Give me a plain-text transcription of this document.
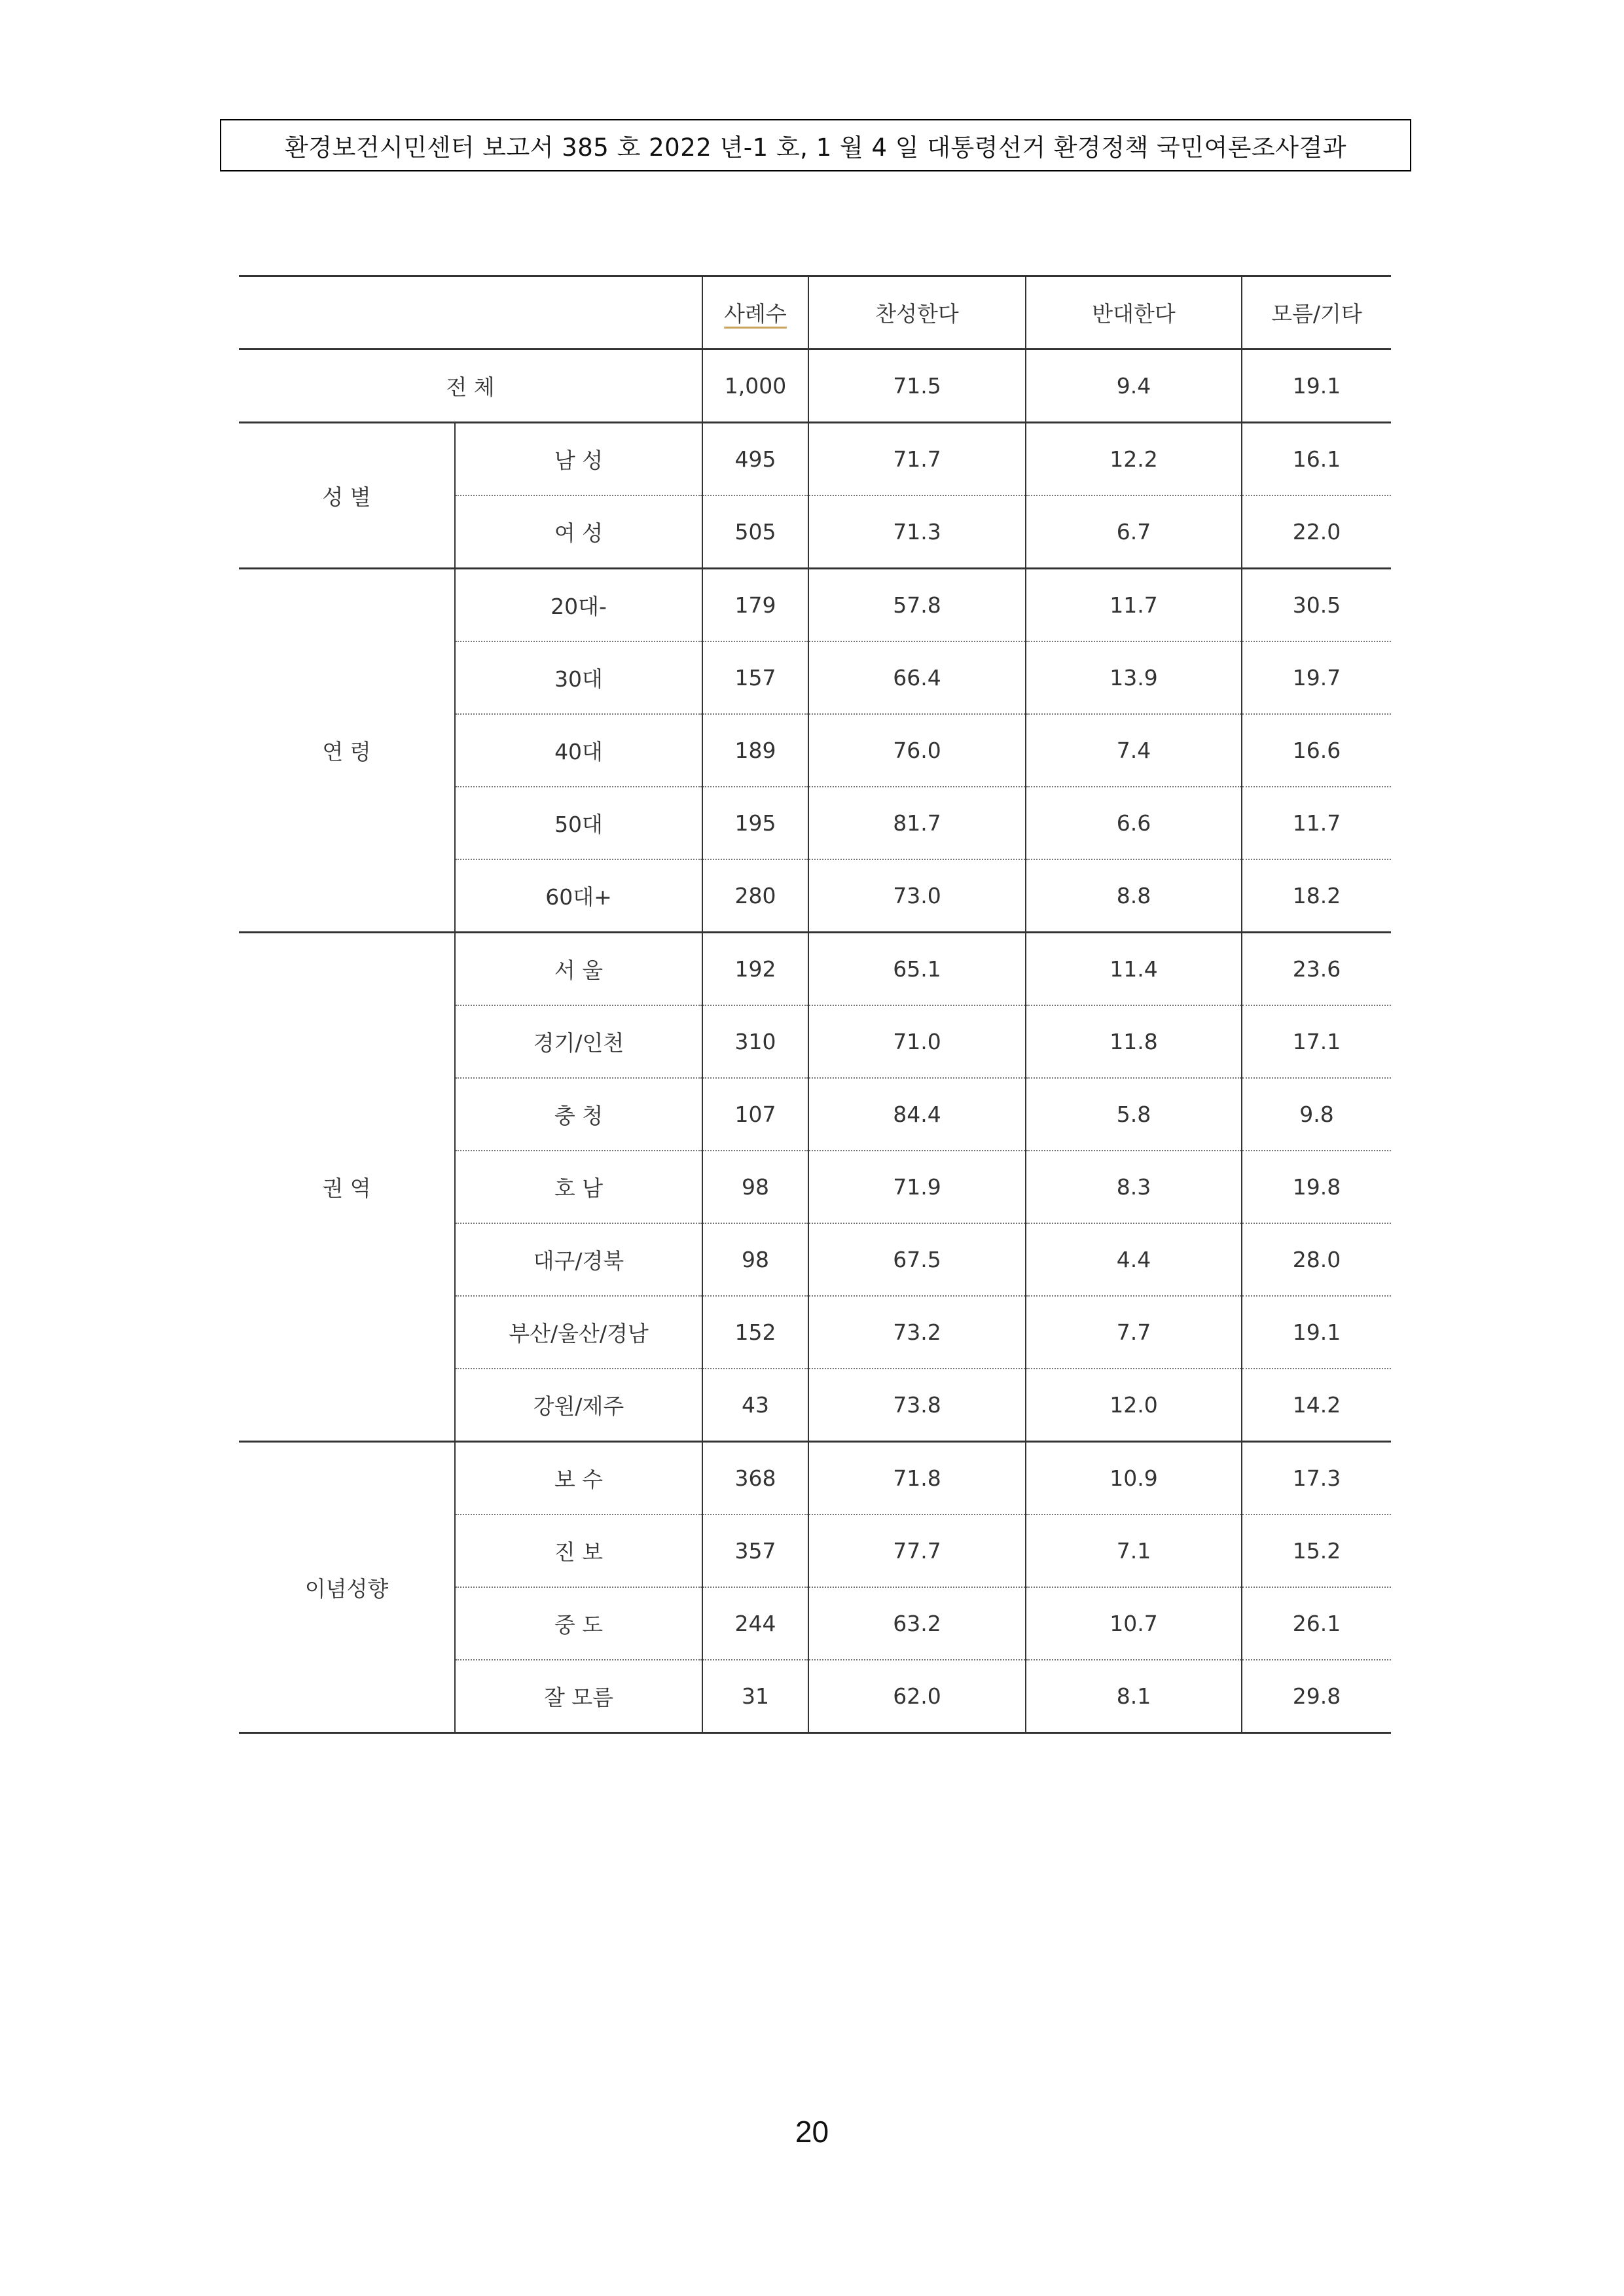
환경보건시민센터 보고서 385 호 2022 년-1 호, 1 월 4 일 대통령선거 환경정책 국민여론조사결과
		사례수	찬성한다	반대한다	모름/기타
전 체		1,000	71.5	9.4	19.1
성 별	남 성	495	71.7	12.2	16.1
	여 성	505	71.3	6.7	22.0
연 령	20대-	179	57.8	11.7	30.5
	30대	157	66.4	13.9	19.7
	40대	189	76.0	7.4	16.6
	50대	195	81.7	6.6	11.7
	60대+	280	73.0	8.8	18.2
권 역	서 울	192	65.1	11.4	23.6
	경기/인천	310	71.0	11.8	17.1
	충 청	107	84.4	5.8	9.8
	호 남	98	71.9	8.3	19.8
	대구/경북	98	67.5	4.4	28.0
	부산/울산/경남	152	73.2	7.7	19.1
	강원/제주	43	73.8	12.0	14.2
이념성향	보 수	368	71.8	10.9	17.3
	진 보	357	77.7	7.1	15.2
	중 도	244	63.2	10.7	26.1
	잘 모름	31	62.0	8.1	29.8
20
